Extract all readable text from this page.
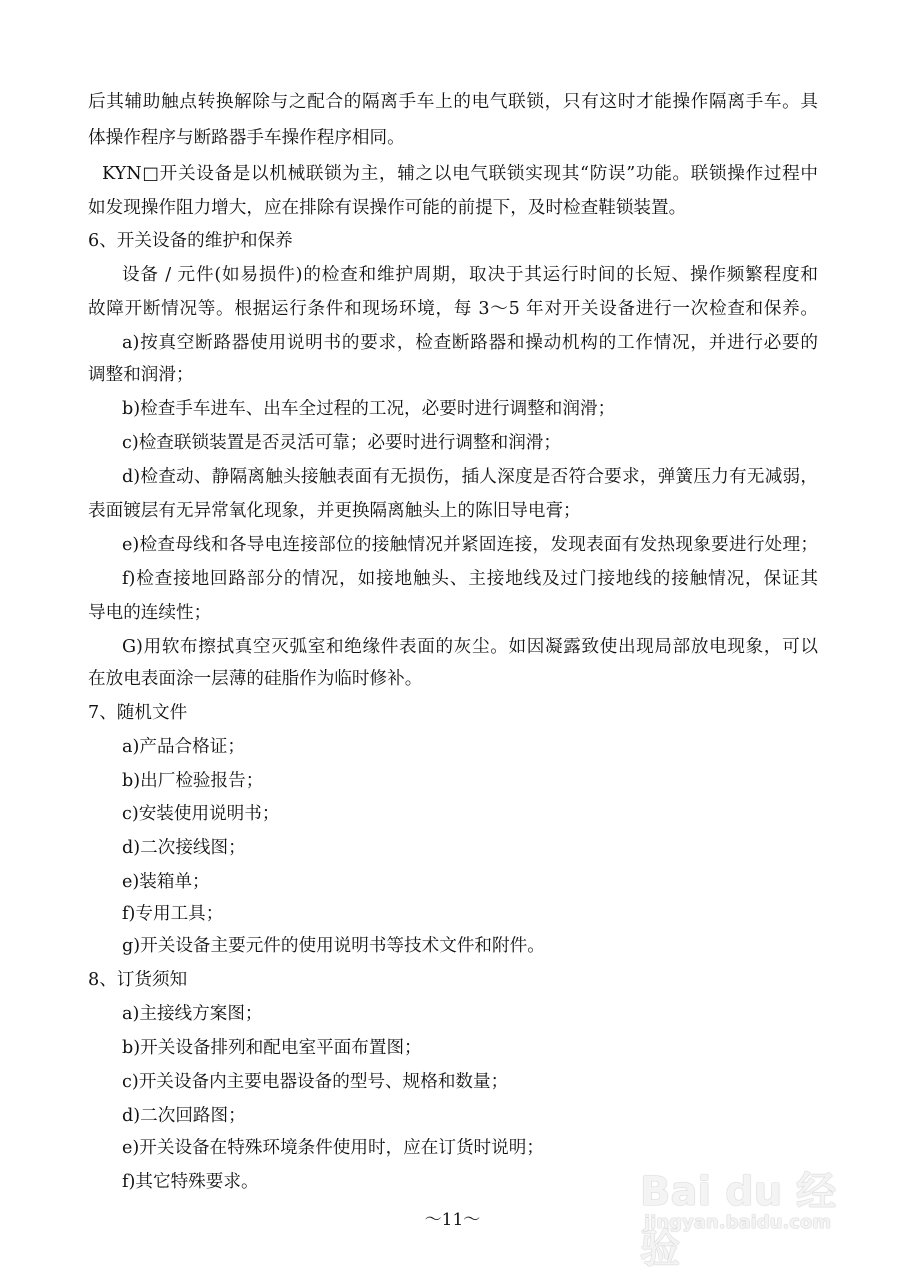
后其辅助触点转换解除与之配合的隔离手车上的电气联锁，只有这时才能操作隔离手车。具
体操作程序与断路器手车操作程序相同。
KYN□开关设备是以机械联锁为主，辅之以电气联锁实现其“防误”功能。联锁操作过程中
如发现操作阻力增大，应在排除有误操作可能的前提下，及时检查鞋锁装置。
6、开关设备的维护和保养
设备 / 元件(如易损件)的检查和维护周期，取决于其运行时间的长短、操作频繁程度和
故障开断情况等。根据运行条件和现场环境，每 3～5 年对开关设备进行一次检查和保养。
a)按真空断路器使用说明书的要求，检查断路器和操动机构的工作情况，并进行必要的
调整和润滑；
b)检查手车进车、出车全过程的工况，必要时进行调整和润滑；
c)检查联锁装置是否灵活可靠；必要时进行调整和润滑；
d)检查动、静隔离触头接触表面有无损伤，插人深度是否符合要求，弹簧压力有无减弱，
表面镀层有无异常氧化现象，并更换隔离触头上的陈旧导电膏；
e)检查母线和各导电连接部位的接触情况并紧固连接，发现表面有发热现象要进行处理；
f)检查接地回路部分的情况，如接地触头、主接地线及过门接地线的接触情况，保证其
导电的连续性；
G)用软布擦拭真空灭弧室和绝缘件表面的灰尘。如因凝露致使出现局部放电现象，可以
在放电表面涂一层薄的硅脂作为临时修补。
7、随机文件
a)产品合格证；
b)出厂检验报告；
c)安装使用说明书；
d)二次接线图；
e)装箱单；
f)专用工具；
g)开关设备主要元件的使用说明书等技术文件和附件。
8、订货须知
a)主接线方案图；
b)开关设备排列和配电室平面布置图；
c)开关设备内主要电器设备的型号、规格和数量；
d)二次回路图；
e)开关设备在特殊环境条件使用时，应在订货时说明；
f)其它特殊要求。
～11～
Bai du 经验
jingyan.baidu.com
